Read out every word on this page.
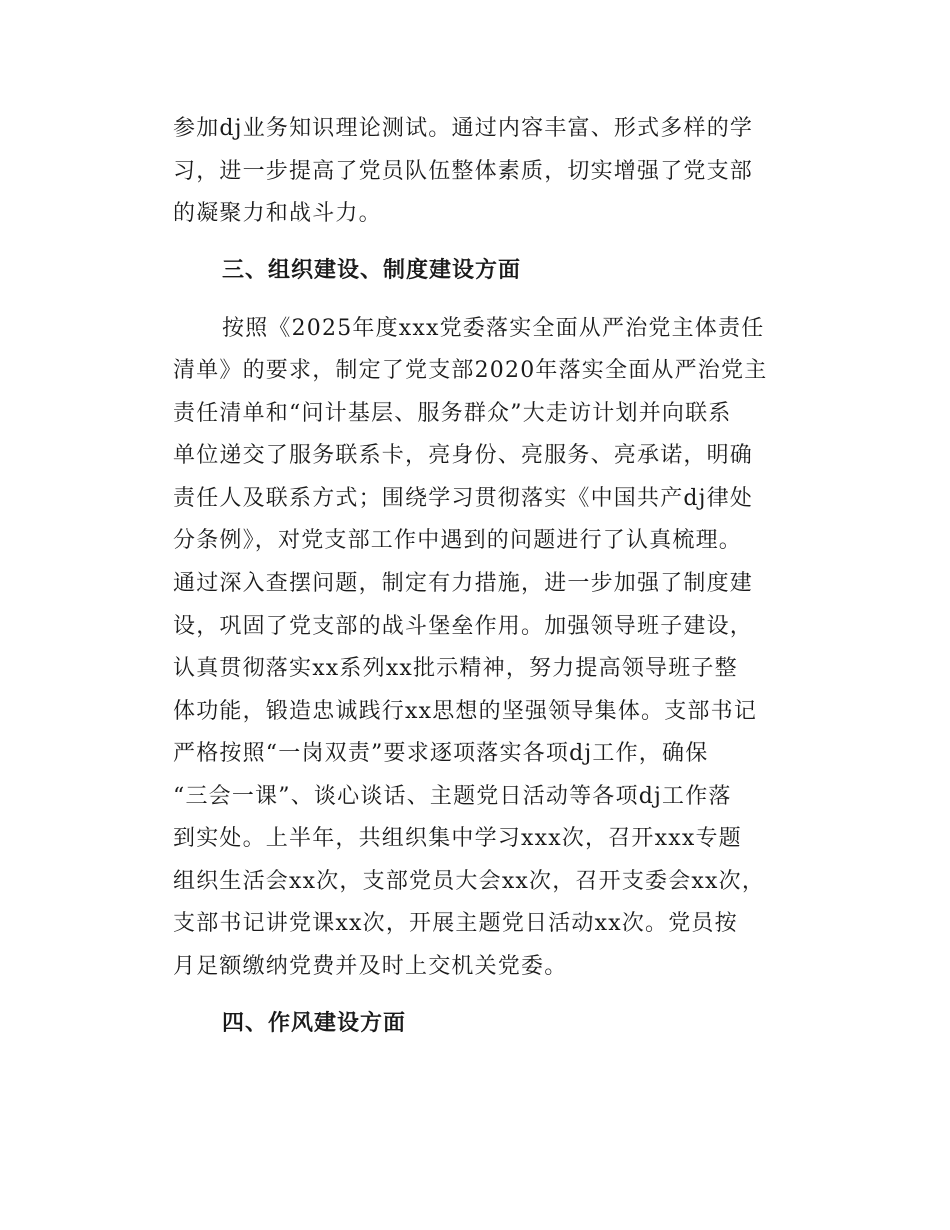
参加dj业务知识理论测试。通过内容丰富、形式多样的学
习，进一步提高了党员队伍整体素质，切实增强了党支部
的凝聚力和战斗力。
三、组织建设、制度建设方面
按照《2025年度xxx党委落实全面从严治党主体责任
清单》的要求，制定了党支部2020年落实全面从严治党主
责任清单和“问计基层、服务群众”大走访计划并向联系
单位递交了服务联系卡，亮身份、亮服务、亮承诺，明确
责任人及联系方式；围绕学习贯彻落实《中国共产dj律处
分条例》，对党支部工作中遇到的问题进行了认真梳理。
通过深入查摆问题，制定有力措施，进一步加强了制度建
设，巩固了党支部的战斗堡垒作用。加强领导班子建设，
认真贯彻落实xx系列xx批示精神，努力提高领导班子整
体功能，锻造忠诚践行xx思想的坚强领导集体。支部书记
严格按照“一岗双责”要求逐项落实各项dj工作，确保
“三会一课”、谈心谈话、主题党日活动等各项dj工作落
到实处。上半年，共组织集中学习xxx次，召开xxx专题
组织生活会xx次，支部党员大会xx次，召开支委会xx次，
支部书记讲党课xx次，开展主题党日活动xx次。党员按
月足额缴纳党费并及时上交机关党委。
四、作风建设方面
